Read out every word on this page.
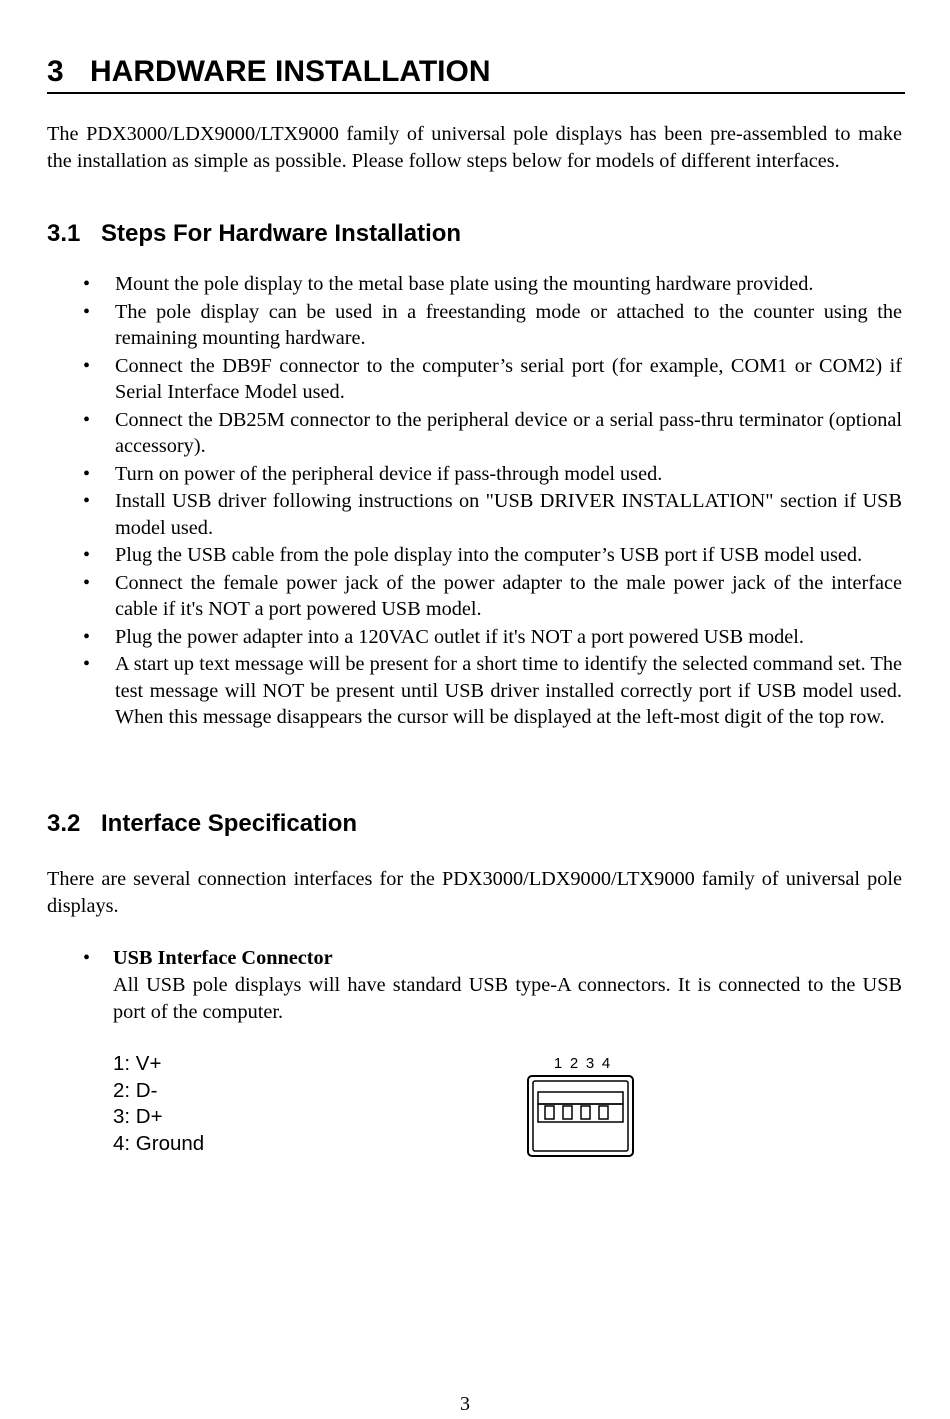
3 HARDWARE INSTALLATION

The PDX3000/LDX9000/LTX9000 family of universal pole displays has been pre-assembled to make the installation as simple as possible. Please follow steps below for models of different interfaces.

3.1 Steps For Hardware Installation
• Mount the pole display to the metal base plate using the mounting hardware provided.
• The pole display can be used in a freestanding mode or attached to the counter using the remaining mounting hardware.
• Connect the DB9F connector to the computer’s serial port (for example, COM1 or COM2) if Serial Interface Model used.
• Connect the DB25M connector to the peripheral device or a serial pass-thru terminator (optional accessory).
• Turn on power of the peripheral device if pass-through model used.
• Install USB driver following instructions on "USB DRIVER INSTALLATION" section if USB model used.
• Plug the USB cable from the pole display into the computer’s USB port if USB model used.
• Connect the female power jack of the power adapter to the male power jack of the interface cable if it's NOT a port powered USB model.
• Plug the power adapter into a 120VAC outlet if it's NOT a port powered USB model.
• A start up text message will be present for a short time to identify the selected command set. The test message will NOT be present until USB driver installed correctly port if USB model used. When this message disappears the cursor will be displayed at the left-most digit of the top row.
3.2 Interface Specification

There are several connection interfaces for the PDX3000/LDX9000/LTX9000 family of universal pole displays.

• USB Interface Connector

All USB pole displays will have standard USB type-A connectors. It is connected to the USB port of the computer.

1: V+
2: D-
3: D+
4: Ground
1 2 3 4
3
